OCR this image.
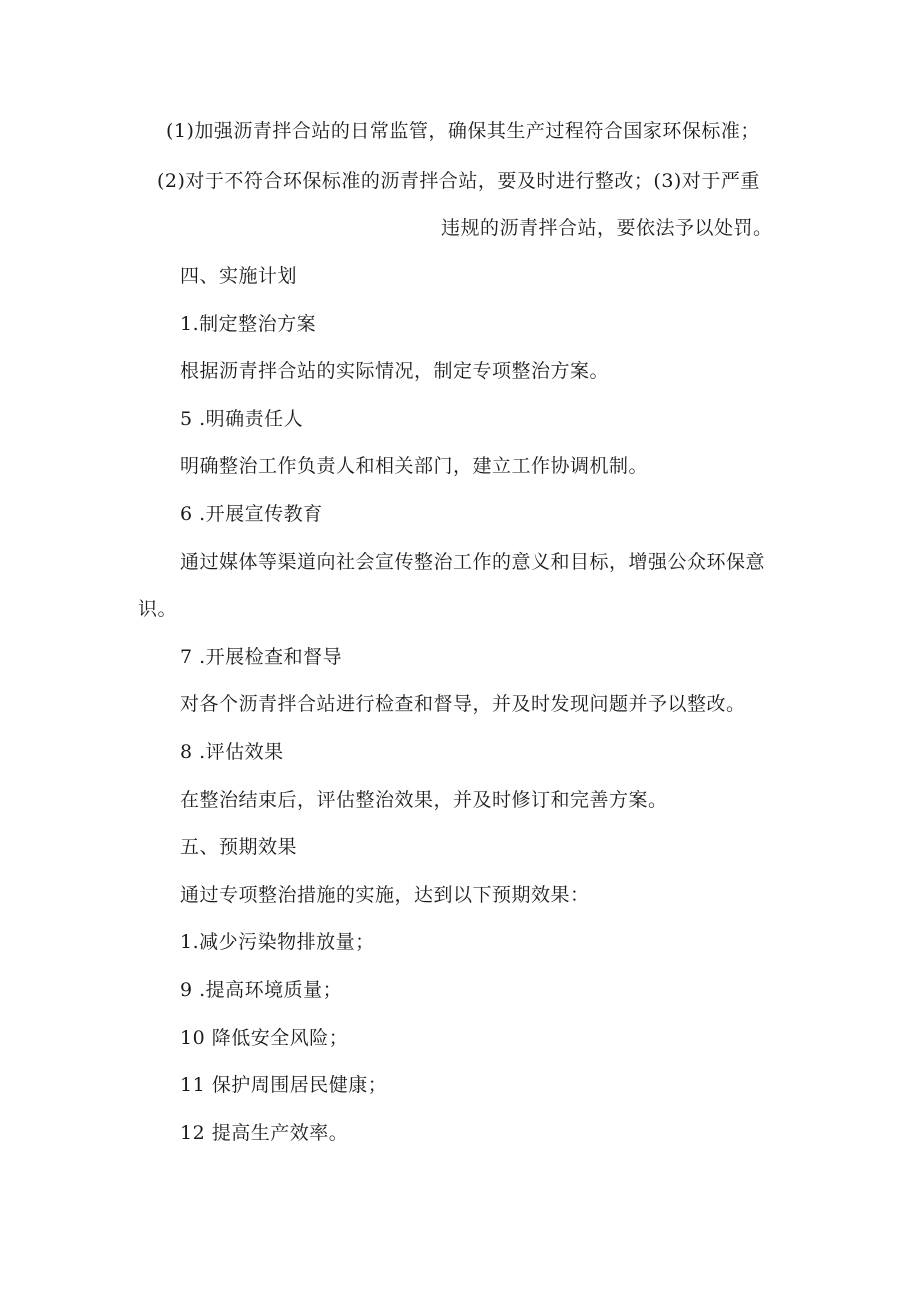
(1)加强沥青拌合站的日常监管，确保其生产过程符合国家环保标准；
(2)对于不符合环保标准的沥青拌合站，要及时进行整改；(3)对于严重
违规的沥青拌合站，要依法予以处罚。
四、实施计划
1.制定整治方案
根据沥青拌合站的实际情况，制定专项整治方案。
5 .明确责任人
明确整治工作负责人和相关部门，建立工作协调机制。
6 .开展宣传教育
通过媒体等渠道向社会宣传整治工作的意义和目标，增强公众环保意
识。
7 .开展检查和督导
对各个沥青拌合站进行检查和督导，并及时发现问题并予以整改。
8 .评估效果
在整治结束后，评估整治效果，并及时修订和完善方案。
五、预期效果
通过专项整治措施的实施，达到以下预期效果：
1.减少污染物排放量；
9 .提高环境质量；
10 降低安全风险；
11 保护周围居民健康；
12 提高生产效率。
